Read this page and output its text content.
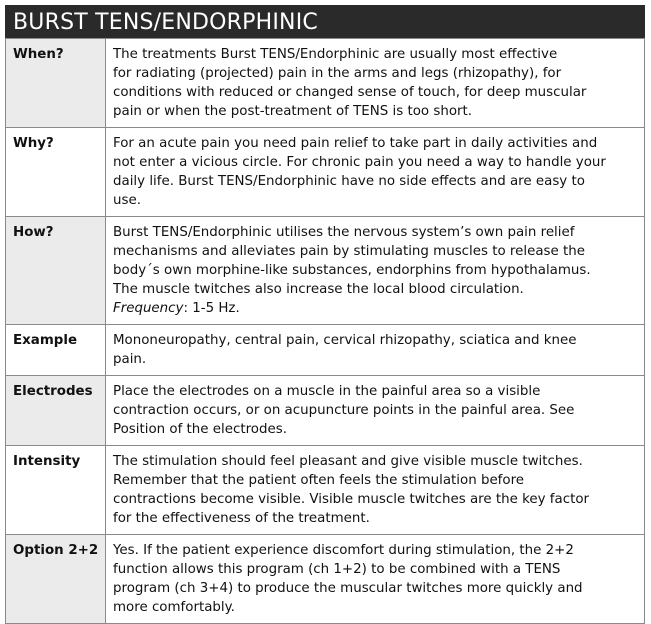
BURST TENS/ENDORPHINIC
When?	The treatments Burst TENS/Endorphinic are usually most effective
for radiating (projected) pain in the arms and legs (rhizopathy), for
conditions with reduced or changed sense of touch, for deep muscular
pain or when the post-treatment of TENS is too short.
Why?	For an acute pain you need pain relief to take part in daily activities and
not enter a vicious circle. For chronic pain you need a way to handle your
daily life. Burst TENS/Endorphinic have no side effects and are easy to
use.
How?	Burst TENS/Endorphinic utilises the nervous system’s own pain relief
mechanisms and alleviates pain by stimulating muscles to release the
body´s own morphine-like substances, endorphins from hypothalamus.
The muscle twitches also increase the local blood circulation.
Frequency: 1-5 Hz.
Example	Mononeuropathy, central pain, cervical rhizopathy, sciatica and knee
pain.
Electrodes	Place the electrodes on a muscle in the painful area so a visible
contraction occurs, or on acupuncture points in the painful area. See
Position of the electrodes.
Intensity	The stimulation should feel pleasant and give visible muscle twitches.
Remember that the patient often feels the stimulation before
contractions become visible. Visible muscle twitches are the key factor
for the effectiveness of the treatment.
Option 2+2	Yes. If the patient experience discomfort during stimulation, the 2+2
function allows this program (ch 1+2) to be combined with a TENS
program (ch 3+4) to produce the muscular twitches more quickly and
more comfortably.
